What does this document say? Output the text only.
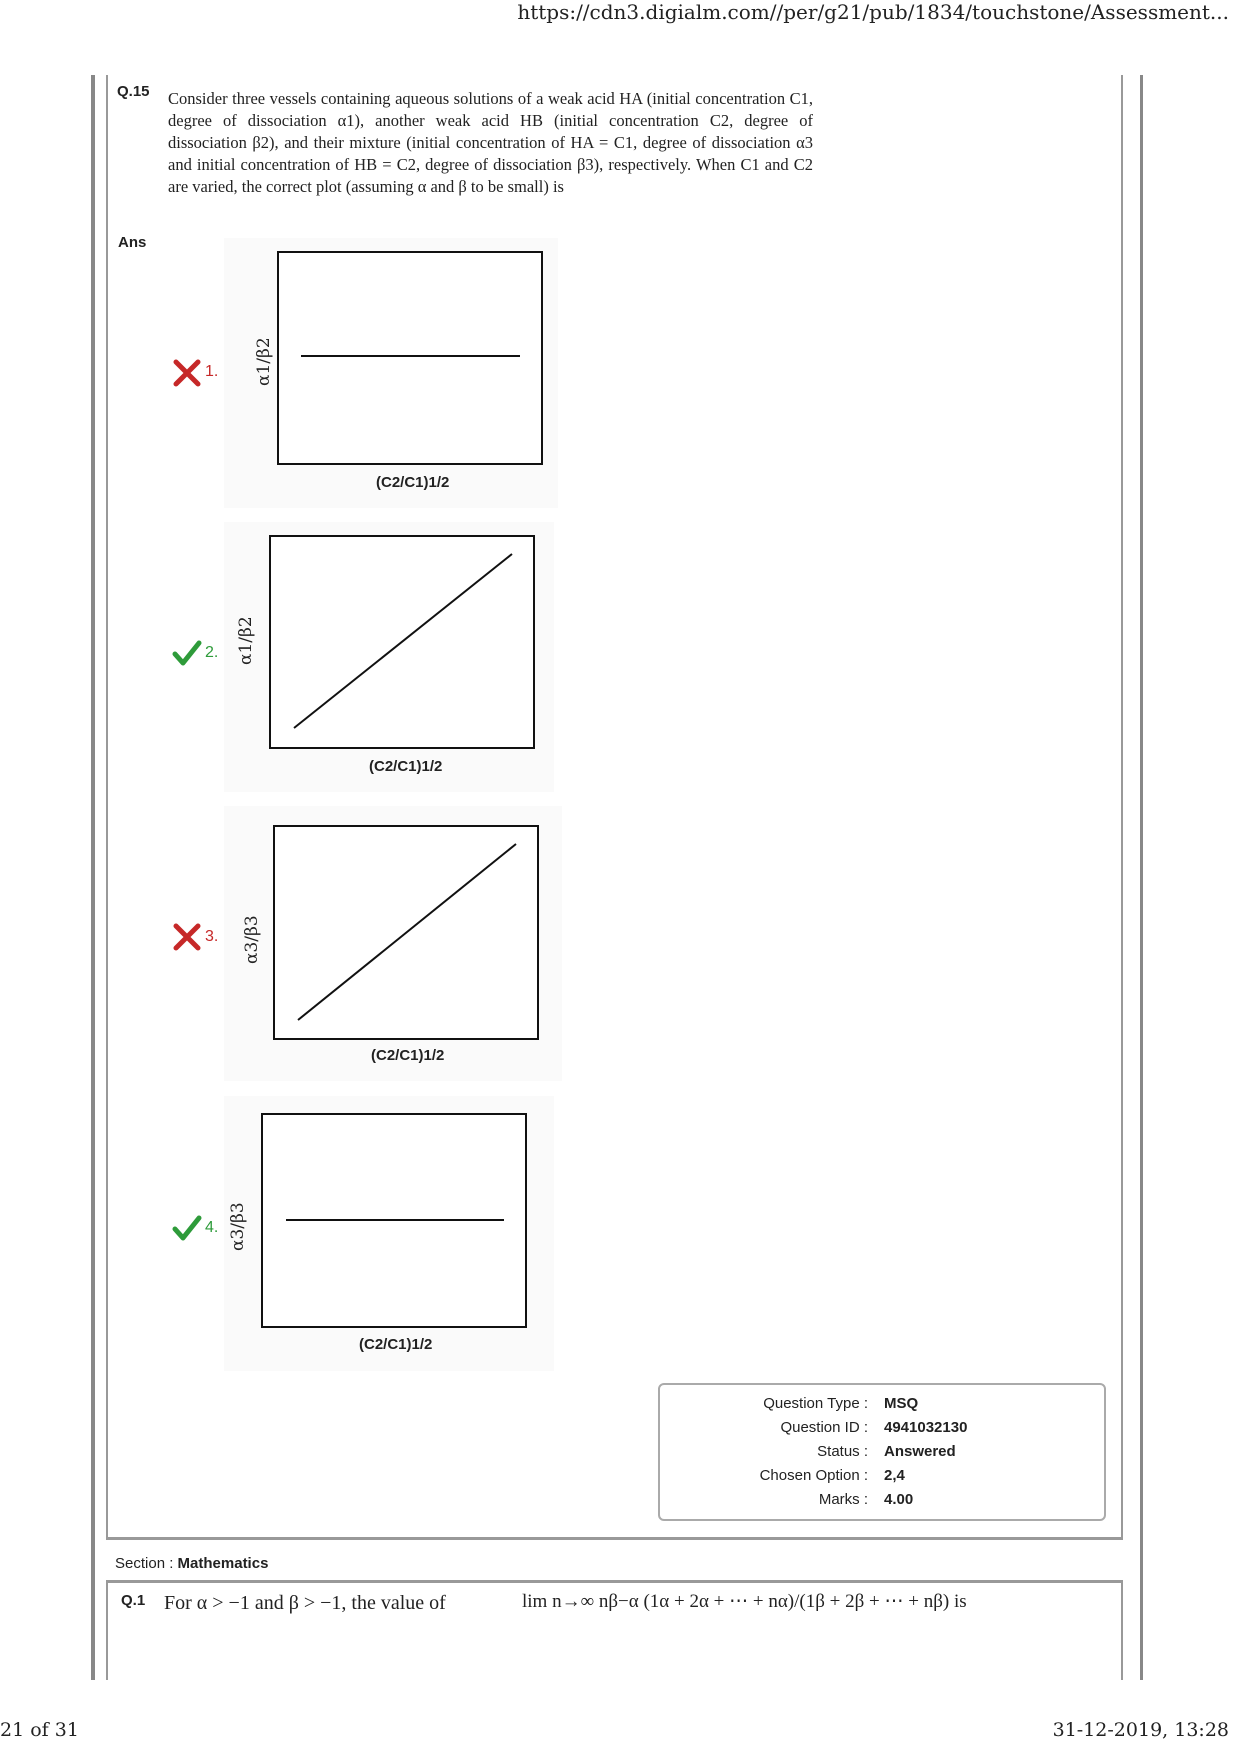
https://cdn3.digialm.com//per/g21/pub/1834/touchstone/Assessment...
Q.15 Consider three vessels containing aqueous solutions of a weak acid HA (initial concentration C1, degree of dissociation α1), another weak acid HB (initial concentration C2, degree of dissociation β2), and their mixture (initial concentration of HA = C1, degree of dissociation α3 and initial concentration of HB = C2, degree of dissociation β3), respectively. When C1 and C2 are varied, the correct plot (assuming α and β to be small) is
Ans
1. α1/β2
(C2/C1)1/2
2. α1/β2
(C2/C1)1/2
3. α3/β3
(C2/C1)1/2
4. α3/β3
(C2/C1)1/2
Question Type : MSQ
Question ID : 4941032130
Status : Answered
Chosen Option : 2,4
Marks : 4.00
Section : Mathematics
Q.1 For α > −1 and β > −1, the value of	lim n→∞ nβ−α (1α + 2α + ⋯ + nα)/(1β + 2β + ⋯ + nβ) is
21 of 31	31-12-2019, 13:28
